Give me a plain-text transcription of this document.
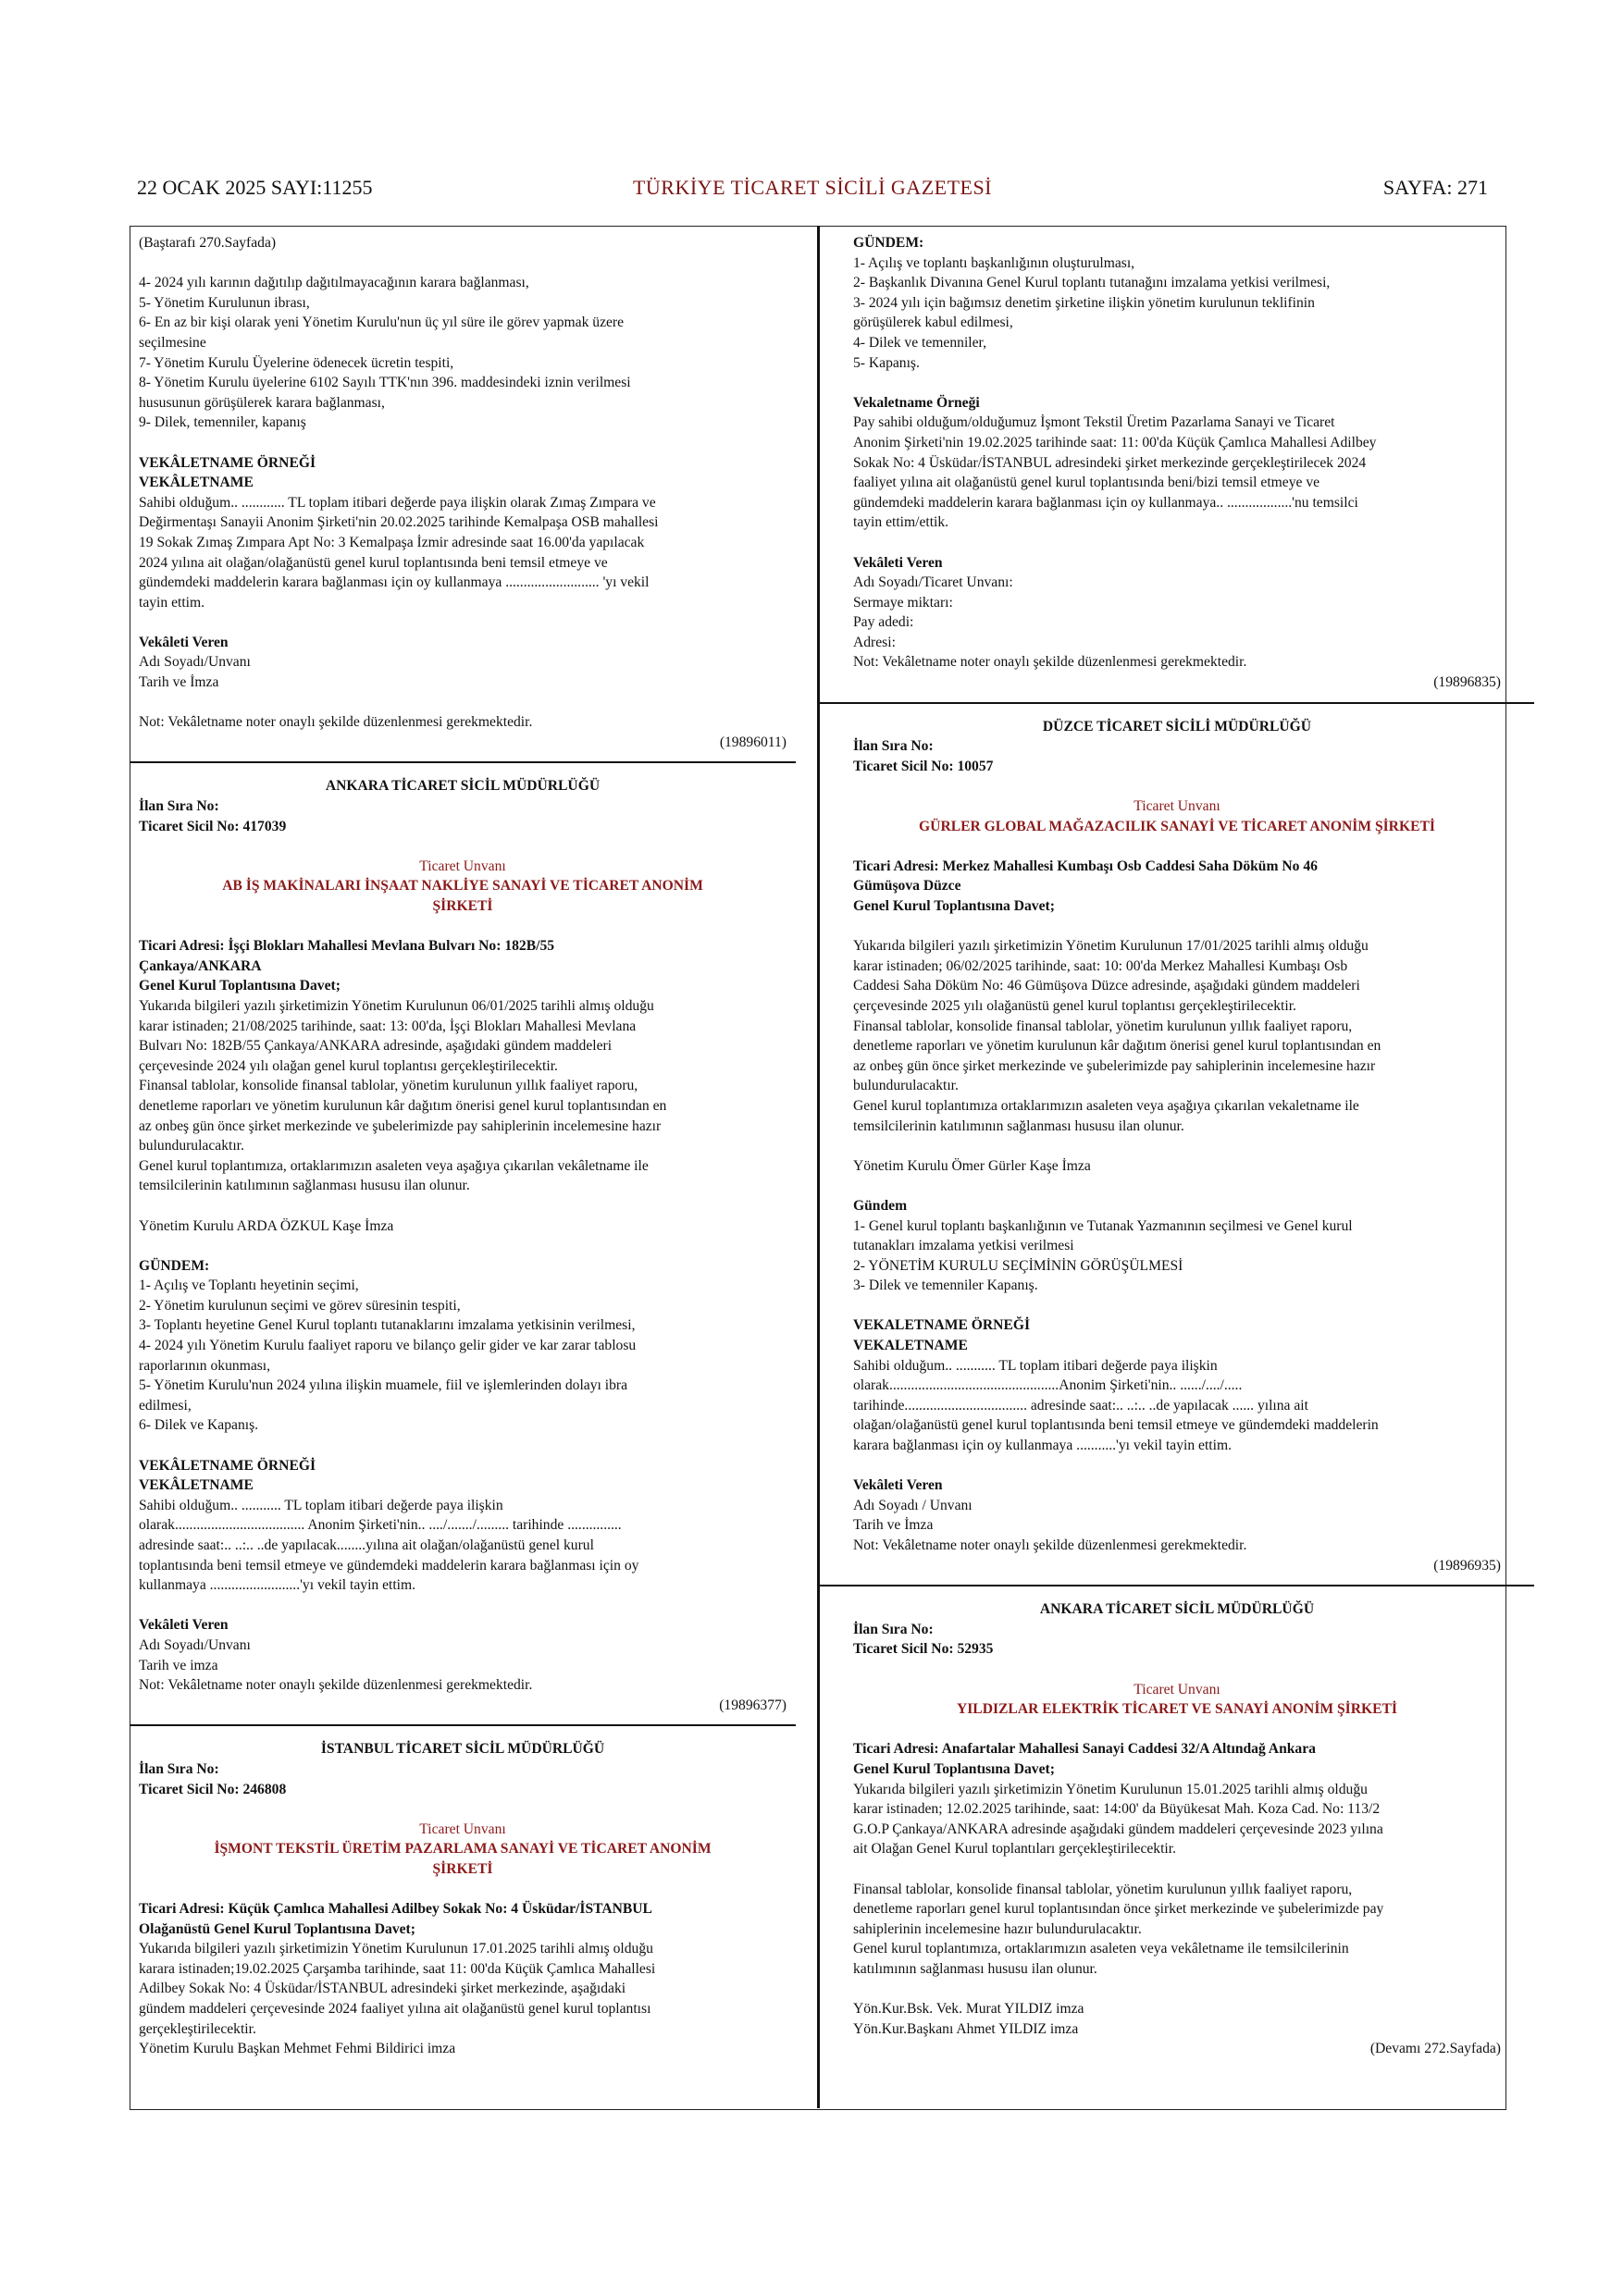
22 OCAK 2025 SAYI:11255	TÜRKİYE TİCARET SİCİLİ GAZETESİ	SAYFA: 271
(Baştarafı 270.Sayfada)

4- 2024 yılı karının dağıtılıp dağıtılmayacağının karara bağlanması,
5- Yönetim Kurulunun ibrası,
6- En az bir kişi olarak yeni Yönetim Kurulu'nun üç yıl süre ile görev yapmak üzere
seçilmesine
7- Yönetim Kurulu Üyelerine ödenecek ücretin tespiti,
8- Yönetim Kurulu üyelerine 6102 Sayılı TTK'nın 396. maddesindeki iznin verilmesi
hususunun görüşülerek karara bağlanması,
9- Dilek, temenniler, kapanış

VEKÂLETNAME ÖRNEĞİ
VEKÂLETNAME
Sahibi olduğum.. ............ TL toplam itibari değerde paya ilişkin olarak Zımaş Zımpara ve
Değirmentaşı Sanayii Anonim Şirketi'nin 20.02.2025 tarihinde Kemalpaşa OSB mahallesi
19 Sokak Zımaş Zımpara Apt No: 3 Kemalpaşa İzmir adresinde saat 16.00'da yapılacak
2024 yılına ait olağan/olağanüstü genel kurul toplantısında beni temsil etmeye ve
gündemdeki maddelerin karara bağlanması için oy kullanmaya .......................... 'yı vekil
tayin ettim.

Vekâleti Veren
Adı Soyadı/Unvanı
Tarih ve İmza

Not: Vekâletname noter onaylı şekilde düzenlenmesi gerekmektedir.
(19896011)
ANKARA TİCARET SİCİL MÜDÜRLÜĞÜ
İlan Sıra No:
Ticaret Sicil No: 417039
Ticaret Unvanı
AB İŞ MAKİNALARI İNŞAAT NAKLİYE SANAYİ VE TİCARET ANONİM
ŞİRKETİ
Ticari Adresi: İşçi Blokları Mahallesi Mevlana Bulvarı No: 182B/55
Çankaya/ANKARA
Genel Kurul Toplantısına Davet;
Yukarıda bilgileri yazılı şirketimizin Yönetim Kurulunun 06/01/2025 tarihli almış olduğu
karar istinaden; 21/08/2025 tarihinde, saat: 13: 00'da, İşçi Blokları Mahallesi Mevlana
Bulvarı No: 182B/55 Çankaya/ANKARA adresinde, aşağıdaki gündem maddeleri
çerçevesinde 2024 yılı olağan genel kurul toplantısı gerçekleştirilecektir.
Finansal tablolar, konsolide finansal tablolar, yönetim kurulunun yıllık faaliyet raporu,
denetleme raporları ve yönetim kurulunun kâr dağıtım önerisi genel kurul toplantısından en
az onbeş gün önce şirket merkezinde ve şubelerimizde pay sahiplerinin incelemesine hazır
bulundurulacaktır.
Genel kurul toplantımıza, ortaklarımızın asaleten veya aşağıya çıkarılan vekâletname ile
temsilcilerinin katılımının sağlanması hususu ilan olunur.

Yönetim Kurulu ARDA ÖZKUL Kaşe İmza

GÜNDEM:
1- Açılış ve Toplantı heyetinin seçimi,
2- Yönetim kurulunun seçimi ve görev süresinin tespiti,
3- Toplantı heyetine Genel Kurul toplantı tutanaklarını imzalama yetkisinin verilmesi,
4- 2024 yılı Yönetim Kurulu faaliyet raporu ve bilanço gelir gider ve kar zarar tablosu
raporlarının okunması,
5- Yönetim Kurulu'nun 2024 yılına ilişkin muamele, fiil ve işlemlerinden dolayı ibra
edilmesi,
6- Dilek ve Kapanış.

VEKÂLETNAME ÖRNEĞİ
VEKÂLETNAME
Sahibi olduğum.. ........... TL toplam itibari değerde paya ilişkin
olarak.................................... Anonim Şirketi'nin.. ..../......./......... tarihinde ...............
adresinde saat:.. ..:.. ..de yapılacak........yılına ait olağan/olağanüstü genel kurul
toplantısında beni temsil etmeye ve gündemdeki maddelerin karara bağlanması için oy
kullanmaya .........................'yı vekil tayin ettim.

Vekâleti Veren
Adı Soyadı/Unvanı
Tarih ve imza
Not: Vekâletname noter onaylı şekilde düzenlenmesi gerekmektedir.
(19896377)
İSTANBUL TİCARET SİCİL MÜDÜRLÜĞÜ
İlan Sıra No:
Ticaret Sicil No: 246808
Ticaret Unvanı
İŞMONT TEKSTİL ÜRETİM PAZARLAMA SANAYİ VE TİCARET ANONİM
ŞİRKETİ
Ticari Adresi: Küçük Çamlıca Mahallesi Adilbey Sokak No: 4 Üsküdar/İSTANBUL
Olağanüstü Genel Kurul Toplantısına Davet;
Yukarıda bilgileri yazılı şirketimizin Yönetim Kurulunun 17.01.2025 tarihli almış olduğu
karara istinaden;19.02.2025 Çarşamba tarihinde, saat 11: 00'da Küçük Çamlıca Mahallesi
Adilbey Sokak No: 4 Üsküdar/İSTANBUL adresindeki şirket merkezinde, aşağıdaki
gündem maddeleri çerçevesinde 2024 faaliyet yılına ait olağanüstü genel kurul toplantısı
gerçekleştirilecektir.
Yönetim Kurulu Başkan Mehmet Fehmi Bildirici imza
GÜNDEM:
1- Açılış ve toplantı başkanlığının oluşturulması,
2- Başkanlık Divanına Genel Kurul toplantı tutanağını imzalama yetkisi verilmesi,
3- 2024 yılı için bağımsız denetim şirketine ilişkin yönetim kurulunun teklifinin
görüşülerek kabul edilmesi,
4- Dilek ve temenniler,
5- Kapanış.

Vekaletname Örneği
Pay sahibi olduğum/olduğumuz İşmont Tekstil Üretim Pazarlama Sanayi ve Ticaret
Anonim Şirketi'nin 19.02.2025 tarihinde saat: 11: 00'da Küçük Çamlıca Mahallesi Adilbey
Sokak No: 4 Üsküdar/İSTANBUL adresindeki şirket merkezinde gerçekleştirilecek 2024
faaliyet yılına ait olağanüstü genel kurul toplantısında beni/bizi temsil etmeye ve
gündemdeki maddelerin karara bağlanması için oy kullanmaya.. ..................'nu temsilci
tayin ettim/ettik.

Vekâleti Veren
Adı Soyadı/Ticaret Unvanı:
Sermaye miktarı:
Pay adedi:
Adresi:
Not: Vekâletname noter onaylı şekilde düzenlenmesi gerekmektedir.
(19896835)
DÜZCE TİCARET SİCİLİ MÜDÜRLÜĞÜ
İlan Sıra No:
Ticaret Sicil No: 10057
Ticaret Unvanı
GÜRLER GLOBAL MAĞAZACILIK SANAYİ VE TİCARET ANONİM ŞİRKETİ
Ticari Adresi: Merkez Mahallesi Kumbaşı Osb Caddesi Saha Döküm No 46
Gümüşova Düzce
Genel Kurul Toplantısına Davet;
Yukarıda bilgileri yazılı şirketimizin Yönetim Kurulunun 17/01/2025 tarihli almış olduğu
karar istinaden; 06/02/2025 tarihinde, saat: 10: 00'da Merkez Mahallesi Kumbaşı Osb
Caddesi Saha Döküm No: 46 Gümüşova Düzce adresinde, aşağıdaki gündem maddeleri
çerçevesinde 2025 yılı olağanüstü genel kurul toplantısı gerçekleştirilecektir.
Finansal tablolar, konsolide finansal tablolar, yönetim kurulunun yıllık faaliyet raporu,
denetleme raporları ve yönetim kurulunun kâr dağıtım önerisi genel kurul toplantısından en
az onbeş gün önce şirket merkezinde ve şubelerimizde pay sahiplerinin incelemesine hazır
bulundurulacaktır.
Genel kurul toplantımıza ortaklarımızın asaleten veya aşağıya çıkarılan vekaletname ile
temsilcilerinin katılımının sağlanması hususu ilan olunur.

Yönetim Kurulu Ömer Gürler Kaşe İmza

Gündem
1- Genel kurul toplantı başkanlığının ve Tutanak Yazmanının seçilmesi ve Genel kurul
tutanakları imzalama yetkisi verilmesi
2- YÖNETİM KURULU SEÇİMİNİN GÖRÜŞÜLMESİ
3- Dilek ve temenniler Kapanış.

VEKALETNAME ÖRNEĞİ
VEKALETNAME
Sahibi olduğum.. ........... TL toplam itibari değerde paya ilişkin
olarak...............................................Anonim Şirketi'nin.. ....../..../.....
tarihinde.................................. adresinde saat:.. ..:.. ..de yapılacak ...... yılına ait
olağan/olağanüstü genel kurul toplantısında beni temsil etmeye ve gündemdeki maddelerin
karara bağlanması için oy kullanmaya ...........'yı vekil tayin ettim.

Vekâleti Veren
Adı Soyadı / Unvanı
Tarih ve İmza
Not: Vekâletname noter onaylı şekilde düzenlenmesi gerekmektedir.
(19896935)
ANKARA TİCARET SİCİL MÜDÜRLÜĞÜ
İlan Sıra No:
Ticaret Sicil No: 52935
Ticaret Unvanı
YILDIZLAR ELEKTRİK TİCARET VE SANAYİ ANONİM ŞİRKETİ
Ticari Adresi: Anafartalar Mahallesi Sanayi Caddesi 32/A Altındağ Ankara
Genel Kurul Toplantısına Davet;
Yukarıda bilgileri yazılı şirketimizin Yönetim Kurulunun 15.01.2025 tarihli almış olduğu
karar istinaden; 12.02.2025 tarihinde, saat: 14:00' da Büyükesat Mah. Koza Cad. No: 113/2
G.O.P Çankaya/ANKARA adresinde aşağıdaki gündem maddeleri çerçevesinde 2023 yılına
ait Olağan Genel Kurul toplantıları gerçekleştirilecektir.

Finansal tablolar, konsolide finansal tablolar, yönetim kurulunun yıllık faaliyet raporu,
denetleme raporları genel kurul toplantısından önce şirket merkezinde ve şubelerimizde pay
sahiplerinin incelemesine hazır bulundurulacaktır.
Genel kurul toplantımıza, ortaklarımızın asaleten veya vekâletname ile temsilcilerinin
katılımının sağlanması hususu ilan olunur.

Yön.Kur.Bsk. Vek. Murat YILDIZ imza
Yön.Kur.Başkanı Ahmet YILDIZ imza
(Devamı 272.Sayfada)
